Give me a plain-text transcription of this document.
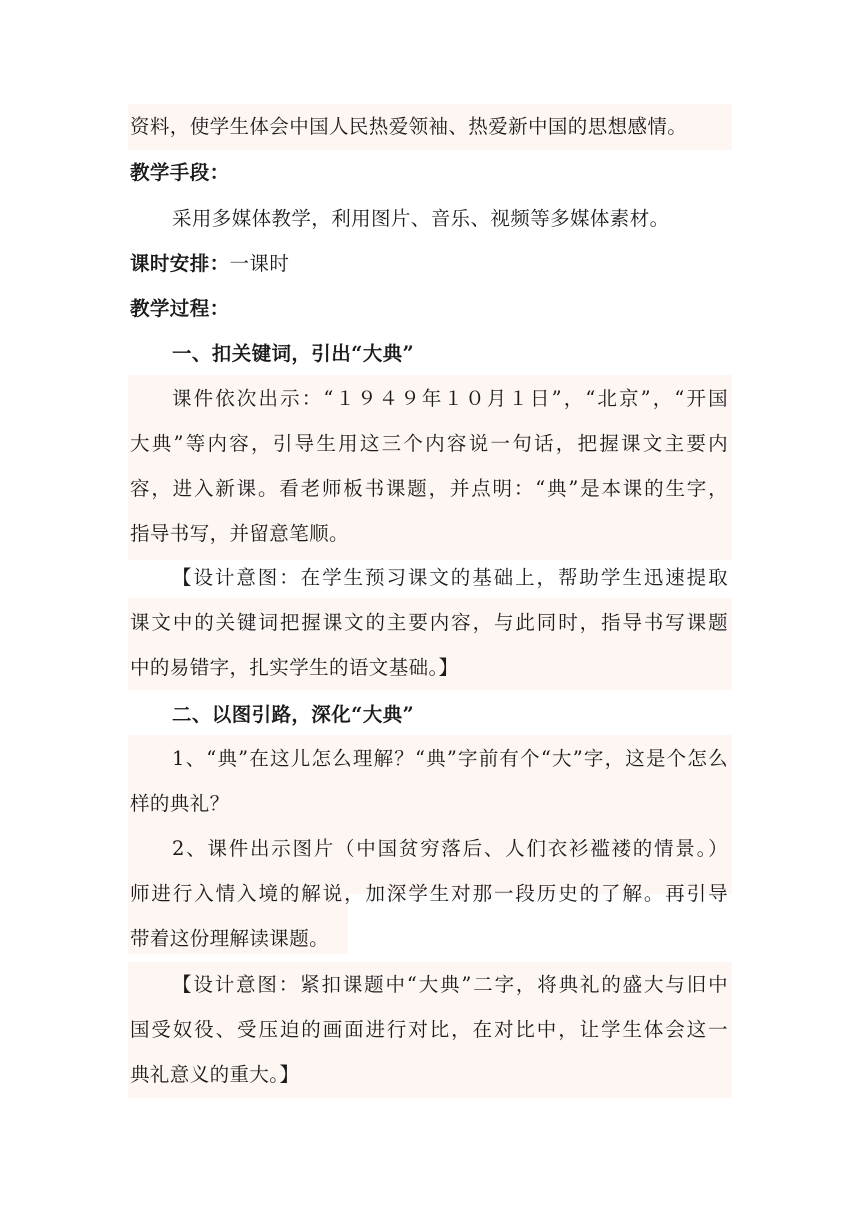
资料，使学生体会中国人民热爱领袖、热爱新中国的思想感情。
教学手段：
采用多媒体教学，利用图片、音乐、视频等多媒体素材。
课时安排：一课时
教学过程：
一、扣关键词，引出“大典”
课件依次出示：“１９４９年１０月１日”，“北京”，“开国
大典”等内容，引导生用这三个内容说一句话，把握课文主要内
容，进入新课。看老师板书课题，并点明：“典”是本课的生字，
指导书写，并留意笔顺。
【设计意图：在学生预习课文的基础上，帮助学生迅速提取
课文中的关键词把握课文的主要内容，与此同时，指导书写课题
中的易错字，扎实学生的语文基础。】
二、以图引路，深化“大典”
1、“典”在这儿怎么理解？“典”字前有个“大”字，这是个怎么
样的典礼？
2、课件出示图片（中国贫穷落后、人们衣衫褴褛的情景。）
师进行入情入境的解说，加深学生对那一段历史的了解。再引导
带着这份理解读课题。
【设计意图：紧扣课题中“大典”二字，将典礼的盛大与旧中
国受奴役、受压迫的画面进行对比，在对比中，让学生体会这一
典礼意义的重大。】
